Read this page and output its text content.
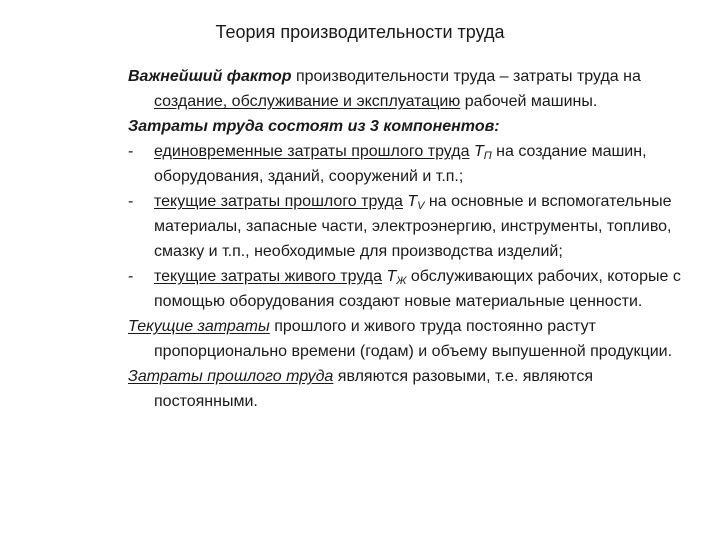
Теория производительности труда

Важнейший фактор производительности труда – затраты труда на создание, обслуживание и эксплуатацию рабочей машины.

Затраты труда состоят из 3 компонентов:

-	единовременные затраты прошлого труда $T_П$ на создание машин, оборудования, зданий, сооружений и т.п.;
-	текущие затраты прошлого труда $T_V$ на основные и вспомогательные материалы, запасные части, электроэнергию, инструменты, топливо, смазку и т.п., необходимые для производства изделий;
-	текущие затраты живого труда $T_Ж$ обслуживающих рабочих, которые с помощью оборудования создают новые материальные ценности.

Текущие затраты прошлого и живого труда постоянно растут пропорционально времени (годам) и объему выпушенной продукции.

Затраты прошлого труда являются разовыми, т.е. являются постоянными.
